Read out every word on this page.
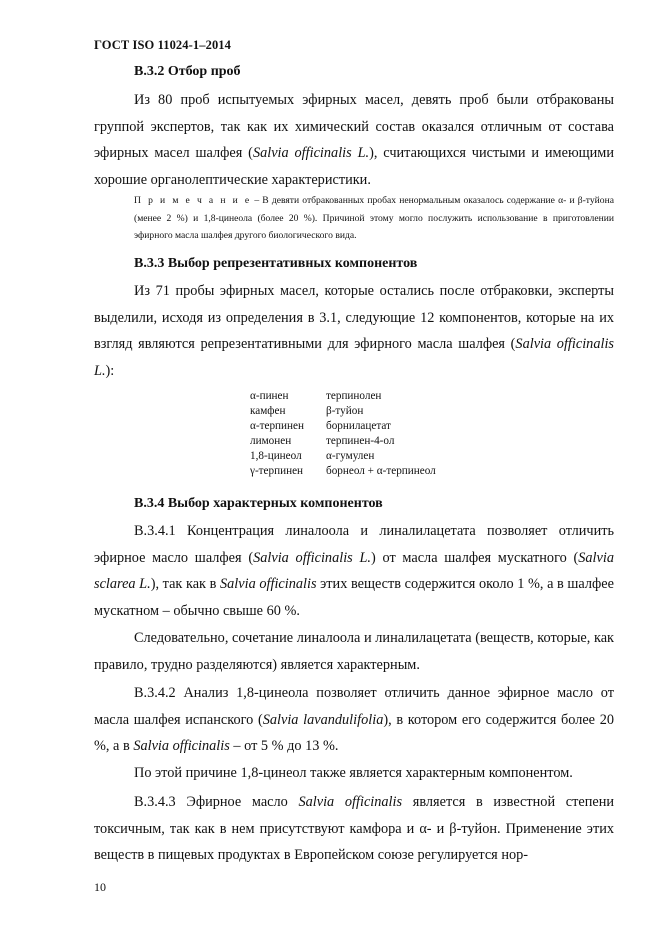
ГОСТ ISO 11024-1–2014
В.3.2 Отбор проб
Из 80 проб испытуемых эфирных масел, девять проб были отбракованы группой экспертов, так как их химический состав оказался отличным от состава эфирных масел шалфея (Salvia officinalis L.), считающихся чистыми и имеющими хорошие органолептические характеристики.
П р и м е ч а н и е – В девяти отбракованных пробах ненормальным оказалось содержание α- и β-туйона (менее 2 %) и 1,8-цинеола (более 20 %). Причиной этому могло послужить использование в приготовлении эфирного масла шалфея другого биологического вида.
В.3.3 Выбор репрезентативных компонентов
Из 71 пробы эфирных масел, которые остались после отбраковки, эксперты выделили, исходя из определения в 3.1, следующие 12 компонентов, которые на их взгляд являются репрезентативными для эфирного масла шалфея (Salvia officinalis L.):
α-пинен	терпинолен
камфен	β-туйон
α-терпинен	борнилацетат
лимонен	терпинен-4-ол
1,8-цинеол	α-гумулен
γ-терпинен	борнеол + α-терпинеол
В.3.4 Выбор характерных компонентов
В.3.4.1 Концентрация линалоола и линалилацетата позволяет отличить эфирное масло шалфея (Salvia officinalis L.) от масла шалфея мускатного (Salvia sclarea L.), так как в Salvia officinalis этих веществ содержится около 1 %, а в шалфее мускатном – обычно свыше 60 %.
Следовательно, сочетание линалоола и линалилацетата (веществ, которые, как правило, трудно разделяются) является характерным.
В.3.4.2 Анализ 1,8-цинеола позволяет отличить данное эфирное масло от масла шалфея испанского (Salvia lavandulifolia), в котором его содержится более 20 %, а в Salvia officinalis – от 5 % до 13 %.
По этой причине 1,8-цинеол также является характерным компонентом.
В.3.4.3 Эфирное масло Salvia officinalis является в известной степени токсичным, так как в нем присутствуют камфора и α- и β-туйон. Применение этих веществ в пищевых продуктах в Европейском союзе регулируется нор-
10
